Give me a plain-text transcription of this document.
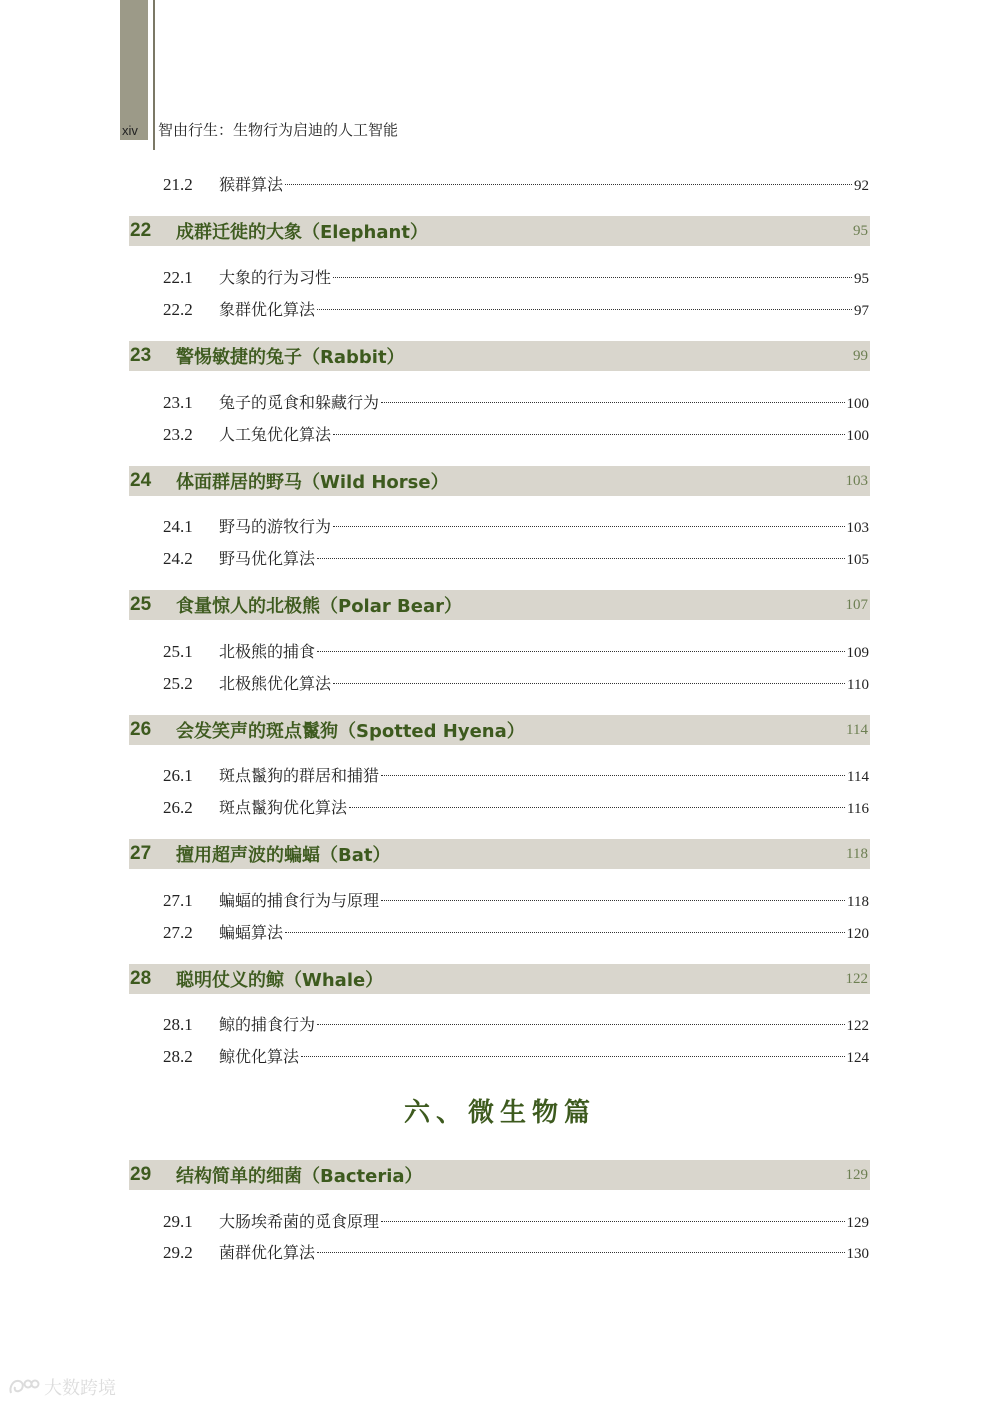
xiv	智由行生：生物行为启迪的人工智能
21.2	猴群算法	92
22	成群迁徙的大象（Elephant）	95
22.1	大象的行为习性	95
22.2	象群优化算法	97
23	警惕敏捷的兔子（Rabbit）	99
23.1	兔子的觅食和躲藏行为	100
23.2	人工兔优化算法	100
24	体面群居的野马（Wild Horse）	103
24.1	野马的游牧行为	103
24.2	野马优化算法	105
25	食量惊人的北极熊（Polar Bear）	107
25.1	北极熊的捕食	109
25.2	北极熊优化算法	110
26	会发笑声的斑点鬣狗（Spotted Hyena）	114
26.1	斑点鬣狗的群居和捕猎	114
26.2	斑点鬣狗优化算法	116
27	擅用超声波的蝙蝠（Bat）	118
27.1	蝙蝠的捕食行为与原理	118
27.2	蝙蝠算法	120
28	聪明仗义的鲸（Whale）	122
28.1	鲸的捕食行为	122
28.2	鲸优化算法	124
六、微生物篇
29	结构简单的细菌（Bacteria）	129
29.1	大肠埃希菌的觅食原理	129
29.2	菌群优化算法	130
大数跨境
